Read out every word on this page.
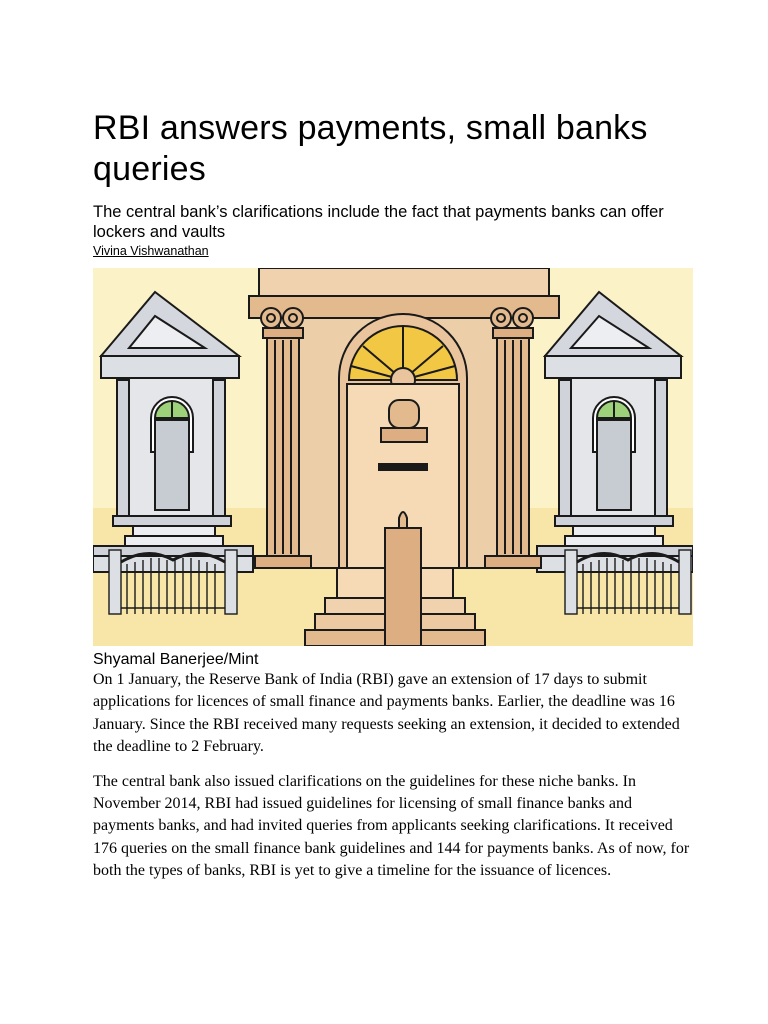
RBI answers payments, small banks queries

The central bank’s clarifications include the fact that payments banks can offer lockers and vaults

Vivina Vishwanathan
Shyamal Banerjee/Mint

On 1 January, the Reserve Bank of India (RBI) gave an extension of 17 days to submit applications for licences of small finance and payments banks. Earlier, the deadline was 16 January. Since the RBI received many requests seeking an extension, it decided to extended the deadline to 2 February.

The central bank also issued clarifications on the guidelines for these niche banks. In November 2014, RBI had issued guidelines for licensing of small finance banks and payments banks, and had invited queries from applicants seeking clarifications. It received 176 queries on the small finance bank guidelines and 144 for payments banks. As of now, for both the types of banks, RBI is yet to give a timeline for the issuance of licences.
